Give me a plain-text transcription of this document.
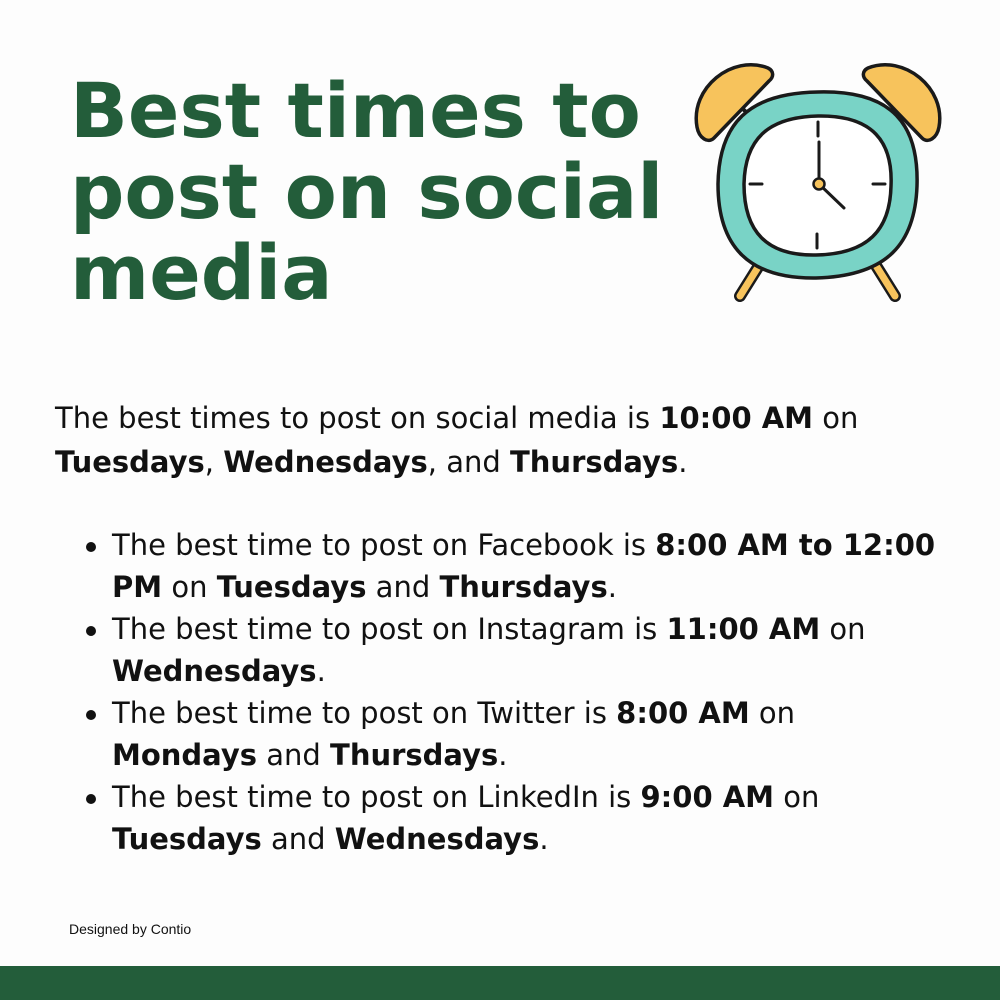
Best times to
post on social
media

The best times to post on social media is 10:00 AM on
Tuesdays, Wednesdays, and Thursdays.

The best time to post on Facebook is 8:00 AM to 12:00 PM on Tuesdays and Thursdays.
The best time to post on Instagram is 11:00 AM on
Wednesdays.
The best time to post on Twitter is 8:00 AM on
Mondays and Thursdays.
The best time to post on LinkedIn is 9:00 AM on
Tuesdays and Wednesdays.

Designed by Contio
